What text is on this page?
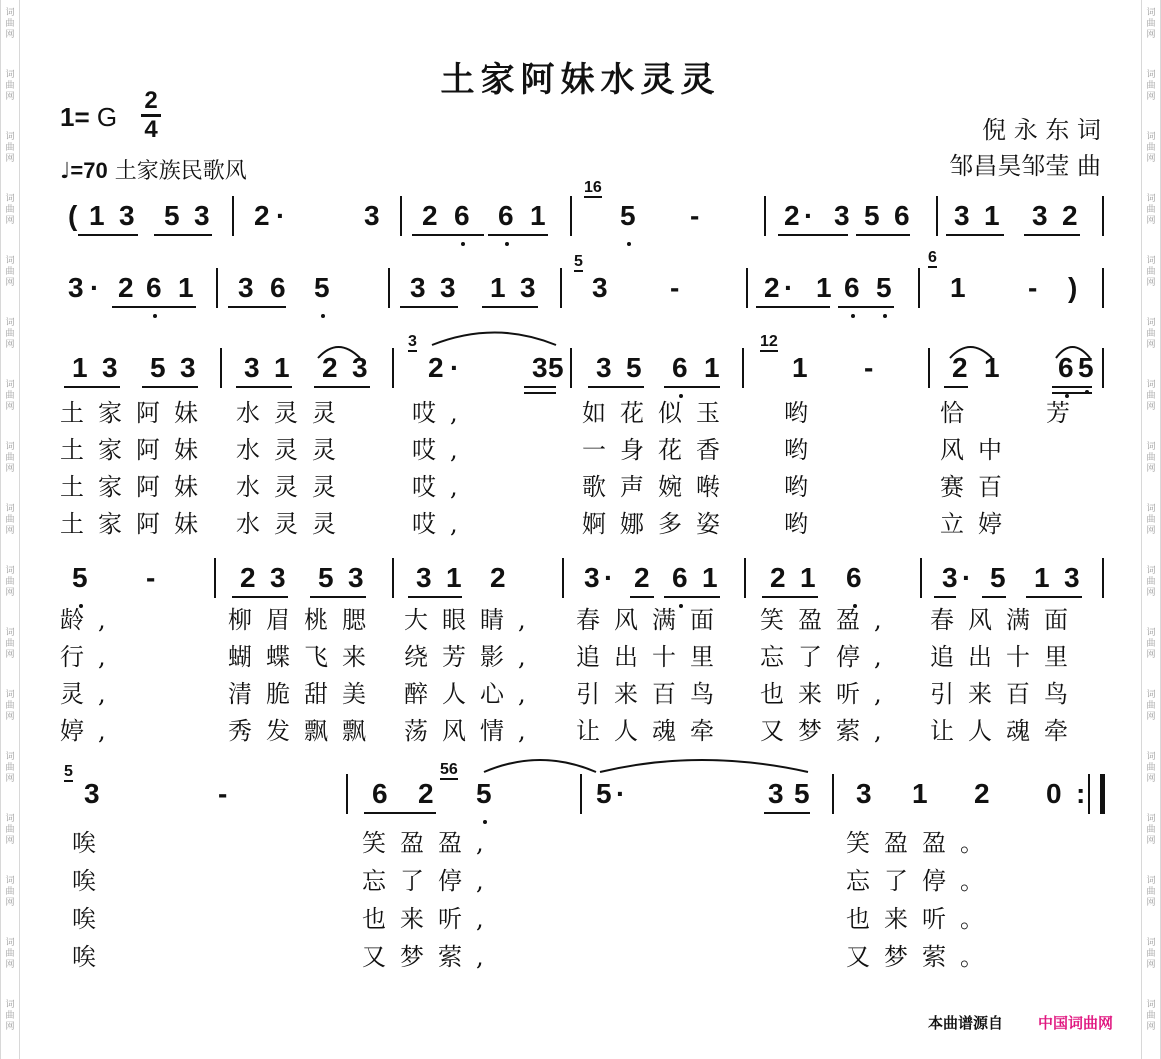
词
曲
网
词
曲
网
词
曲
网
词
曲
网
词
曲
网
词
曲
网
词
曲
网
词
曲
网
词
曲
网
词
曲
网
词
曲
网
词
曲
网
词
曲
网
词
曲
网
词
曲
网
词
曲
网
词
曲
网
词
曲
网
词
曲
网
词
曲
网
词
曲
网
词
曲
网
词
曲
网
词
曲
网
词
曲
网
词
曲
网
词
曲
网
词
曲
网
词
曲
网
词
曲
网
词
曲
网
词
曲
网
词
曲
网
词
曲
网
土家阿妹水灵灵
1= G
2
4
♩=70 土家族民歌风
倪 永 东 词
邹昌昊邹莹 曲
( 1 3 5 3 2 ·	3 2 6 6 1	5 -	2 · 3 5 6 3 1 3 2
3 · 2 6 1 3 6 5	3 3 1 3 3 -	2 · 1 6 5 1 - )
1 3 5 3 3 1 2 3 2 ·	3 5 3 5 6 1	1 -	2 1 6 5
土家阿妹 水灵灵	哎,	如花似玉 哟	恰	芳
土家阿妹 水灵灵	哎,	一身花香 哟	风中
土家阿妹 水灵灵	哎,	歌声婉啭 哟	赛百
土家阿妹 水灵灵	哎,	婀娜多姿 哟	立婷
5 -	2 3 5 3 3 1 2	3 · 2 6 1 2 1 6	3 · 5 1 3
龄,	柳眉桃腮 大眼睛, 春风满面 笑盈盈, 春风满面
行,	蝴蝶飞来 绕芳影, 追出十里 忘了停, 追出十里
灵,	清脆甜美 醉人心, 引来百鸟 也来听, 引来百鸟
婷,	秀发飘飘 荡风情, 让人魂牵 又梦萦, 让人魂牵
3	-	6 2 5	5 ·	3 5 3 1 2 0 :
唉	笑盈盈,	笑盈盈。
唉	忘了停,	忘了停。
唉	也来听,	也来听。
唉	又梦萦,	又梦萦。
16
5	6
3	12
5	56
本曲谱源自 中国词曲网
